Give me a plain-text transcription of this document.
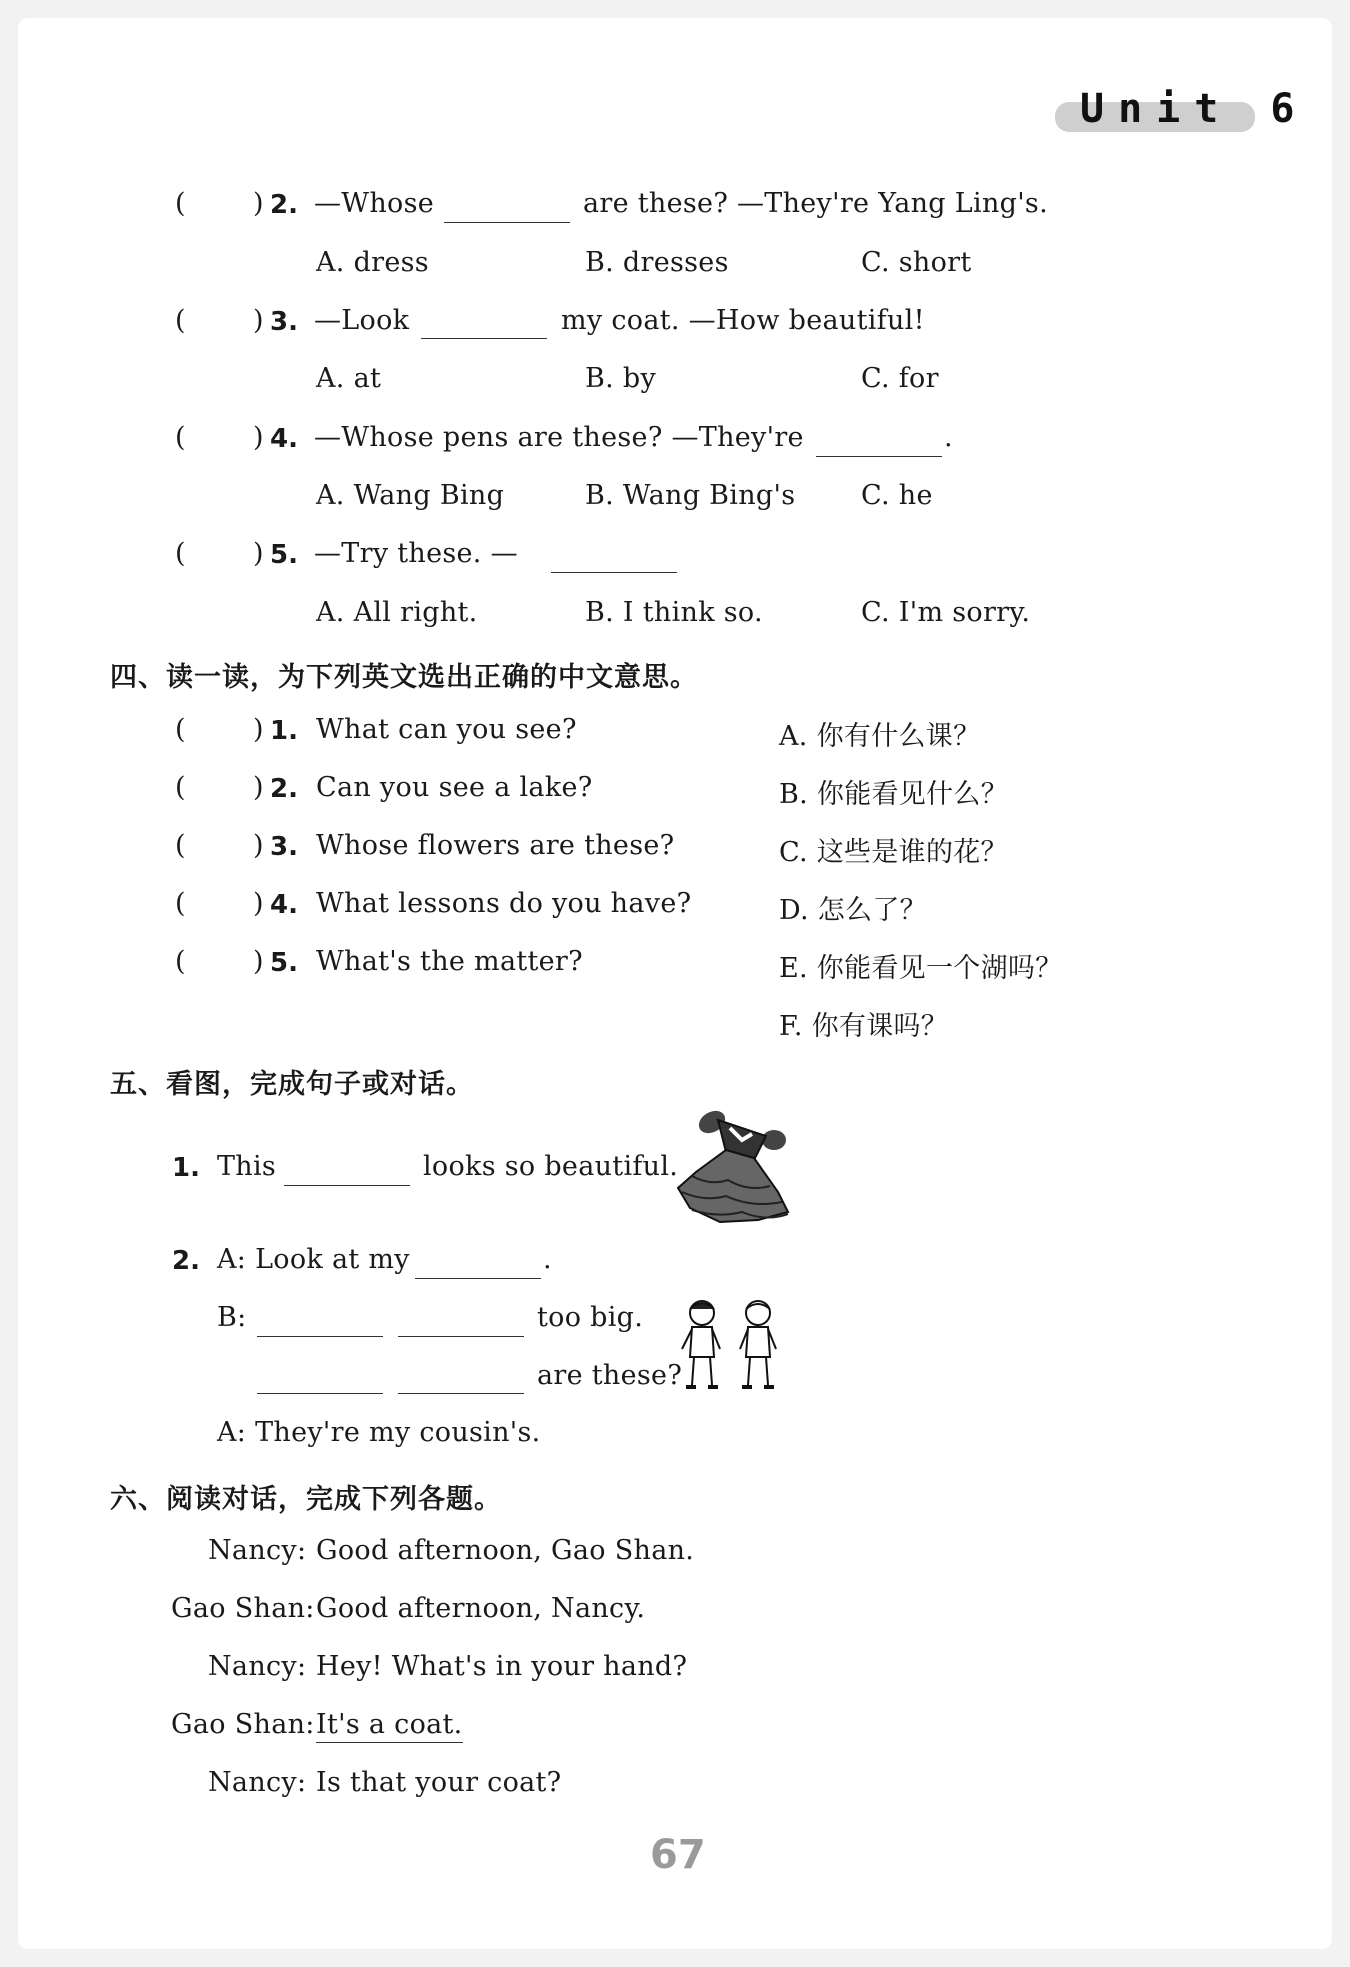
Unit 6
( ) 2. —Whose	are these? —They're Yang Ling's.
A. dress	B. dresses	C. short
( ) 3. —Look	my coat. —How beautiful!
A. at	B. by	C. for
( ) 4. —Whose pens are these? —They're	.
A. Wang Bing	B. Wang Bing's C. he
( ) 5. —Try these. —
A. All right.	B. I think so.	C. I'm sorry.
四、读一读，为下列英文选出正确的中文意思。
( ) 1. What can you see?
( ) 2. Can you see a lake?
( ) 3. Whose flowers are these?
( ) 4. What lessons do you have?
( ) 5. What's the matter?
A. 你有什么课？
B. 你能看见什么？
C. 这些是谁的花？
D. 怎么了？
E. 你能看见一个湖吗？
F. 你有课吗？
五、看图，完成句子或对话。
1. This	looks so beautiful.
2. A: Look at my	.
B:	too big.
are these?
A: They're my cousin's.
六、阅读对话，完成下列各题。
Nancy: Good afternoon, Gao Shan.
Gao Shan: Good afternoon, Nancy.
Nancy: Hey! What's in your hand?
Gao Shan: It's a coat.
Nancy: Is that your coat?
67
